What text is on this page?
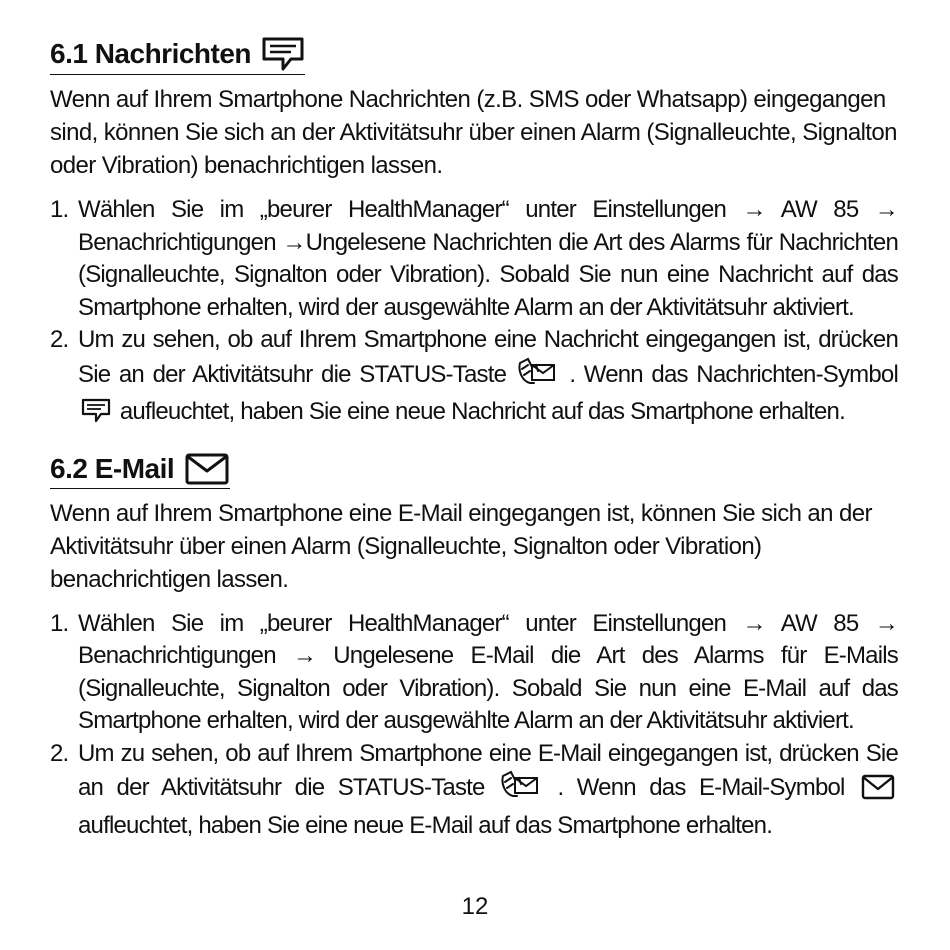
6.1 Nachrichten

Wenn auf Ihrem Smartphone Nachrichten (z.B. SMS oder Whatsapp) eingegangen sind, können Sie sich an der Aktivitätsuhr über einen Alarm (Signalleuchte, Signalton oder Vibration) benachrichtigen lassen.

1. Wählen Sie im „beurer HealthManager“ unter Einstellungen → AW 85 → Benachrichtigungen →Ungelesene Nachrichten die Art des Alarms für Nachrichten (Signalleuchte, Signalton oder Vibration). Sobald Sie nun eine Nachricht auf das Smartphone erhalten, wird der ausgewählte Alarm an der Aktivitätsuhr aktiviert.
2. Um zu sehen, ob auf Ihrem Smartphone eine Nachricht eingegangen ist, drücken Sie an der Aktivitätsuhr die STATUS-Taste	. Wenn das Nachrichten-Symbol  aufleuchtet, haben Sie eine neue Nachricht auf das Smartphone erhalten.
6.2 E-Mail

Wenn auf Ihrem Smartphone eine E-Mail eingegangen ist, können Sie sich an der Aktivitätsuhr über einen Alarm (Signalleuchte, Signalton oder Vibration) benachrichtigen lassen.

1. Wählen Sie im „beurer HealthManager“ unter Einstellungen → AW 85 → Benachrichtigungen → Ungelesene E-Mail die Art des Alarms für E-Mails (Signalleuchte, Signalton oder Vibration). Sobald Sie nun eine E-Mail auf das Smartphone erhalten, wird der ausgewählte Alarm an der Aktivitätsuhr aktiviert.
2. Um zu sehen, ob auf Ihrem Smartphone eine E-Mail eingegangen ist, drücken Sie an der Aktivitätsuhr die STATUS-Taste	. Wenn das E-Mail-Symbol  aufleuchtet, haben Sie eine neue E-Mail auf das Smartphone erhalten.
12
